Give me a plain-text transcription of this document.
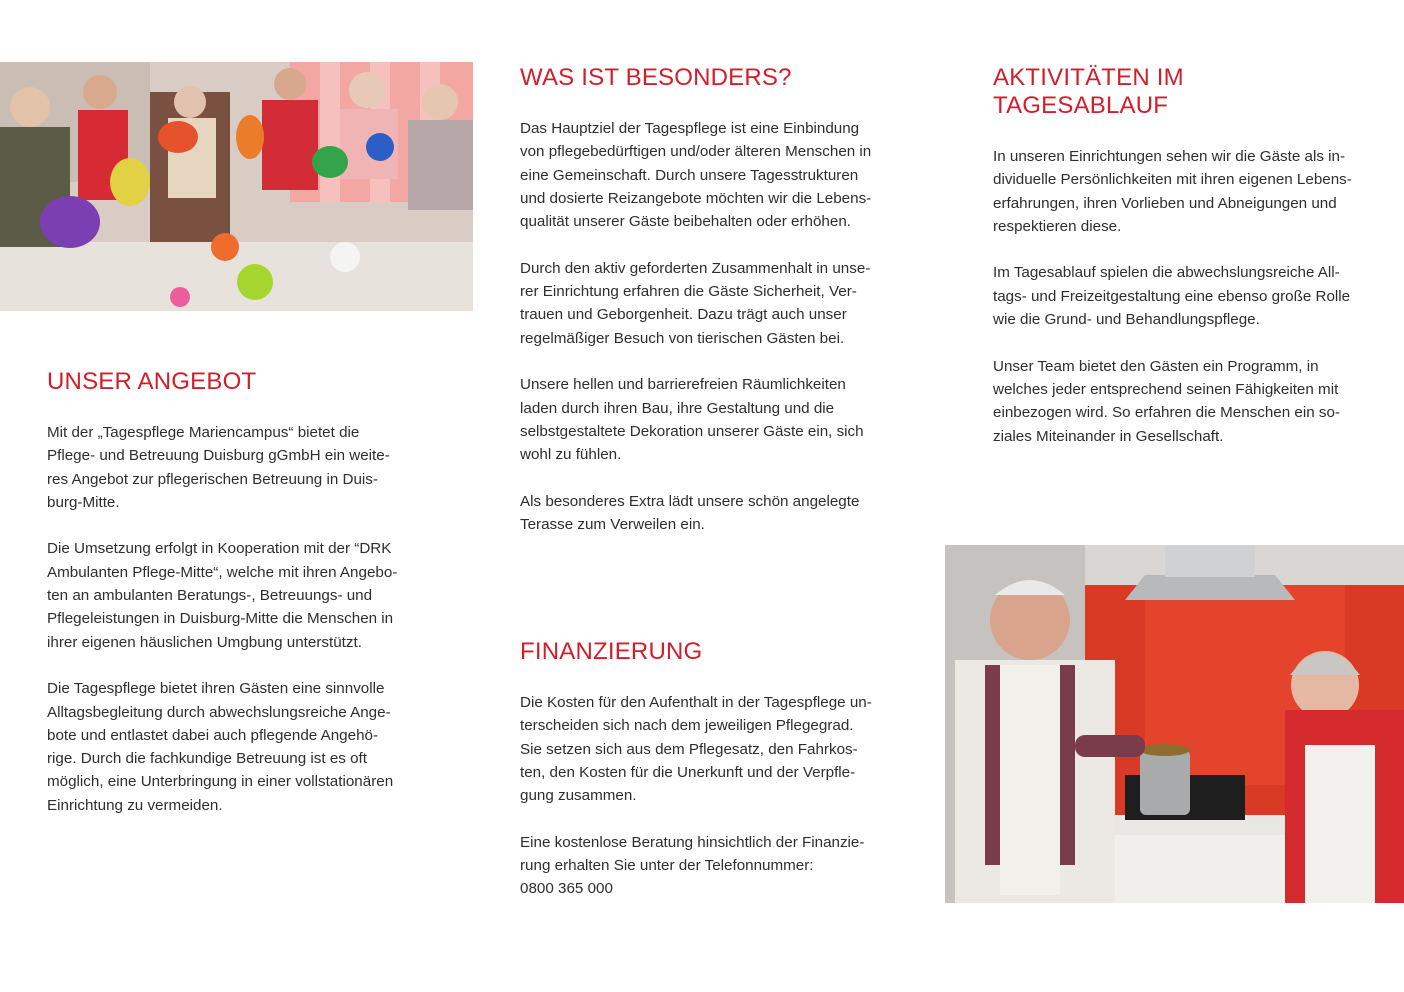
UNSER ANGEBOT

Mit der „Tagespflege Mariencampus“ bietet die
Pflege- und Betreuung Duisburg gGmbH ein weite-
res Angebot zur pflegerischen Betreuung in Duis-
burg-Mitte.

Die Umsetzung erfolgt in Kooperation mit der “DRK
Ambulanten Pflege-Mitte“, welche mit ihren Angebo-
ten an ambulanten Beratungs-, Betreuungs- und
Pflegeleistungen in Duisburg-Mitte die Menschen in
ihrer eigenen häuslichen Umgbung unterstützt.

Die Tagespflege bietet ihren Gästen eine sinnvolle
Alltagsbegleitung durch abwechslungsreiche Ange-
bote und entlastet dabei auch pflegende Angehö-
rige. Durch die fachkundige Betreuung ist es oft
möglich, eine Unterbringung in einer vollstationären
Einrichtung zu vermeiden.

WAS IST BESONDERS?

Das Hauptziel der Tagespflege ist eine Einbindung
von pflegebedürftigen und/oder älteren Menschen in
eine Gemeinschaft. Durch unsere Tagesstrukturen
und dosierte Reizangebote möchten wir die Lebens-
qualität unserer Gäste beibehalten oder erhöhen.

Durch den aktiv geforderten Zusammenhalt in unse-
rer Einrichtung erfahren die Gäste Sicherheit, Ver-
trauen und Geborgenheit. Dazu trägt auch unser
regelmäßiger Besuch von tierischen Gästen bei.

Unsere hellen und barrierefreien Räumlichkeiten
laden durch ihren Bau, ihre Gestaltung und die
selbstgestaltete Dekoration unserer Gäste ein, sich
wohl zu fühlen.

Als besonderes Extra lädt unsere schön angelegte
Terasse zum Verweilen ein.

FINANZIERUNG

Die Kosten für den Aufenthalt in der Tagespflege un-
terscheiden sich nach dem jeweiligen Pflegegrad.
Sie setzen sich aus dem Pflegesatz, den Fahrkos-
ten, den Kosten für die Unerkunft und der Verpfle-
gung zusammen.

Eine kostenlose Beratung hinsichtlich der Finanzie-
rung erhalten Sie unter der Telefonnummer:
0800 365 000

AKTIVITÄTEN IM
TAGESABLAUF

In unseren Einrichtungen sehen wir die Gäste als in-
dividuelle Persönlichkeiten mit ihren eigenen Lebens-
erfahrungen, ihren Vorlieben und Abneigungen und
respektieren diese.

Im Tagesablauf spielen die abwechslungsreiche All-
tags- und Freizeitgestaltung eine ebenso große Rolle
wie die Grund- und Behandlungspflege.

Unser Team bietet den Gästen ein Programm, in
welches jeder entsprechend seinen Fähigkeiten mit
einbezogen wird. So erfahren die Menschen ein so-
ziales Miteinander in Gesellschaft.
